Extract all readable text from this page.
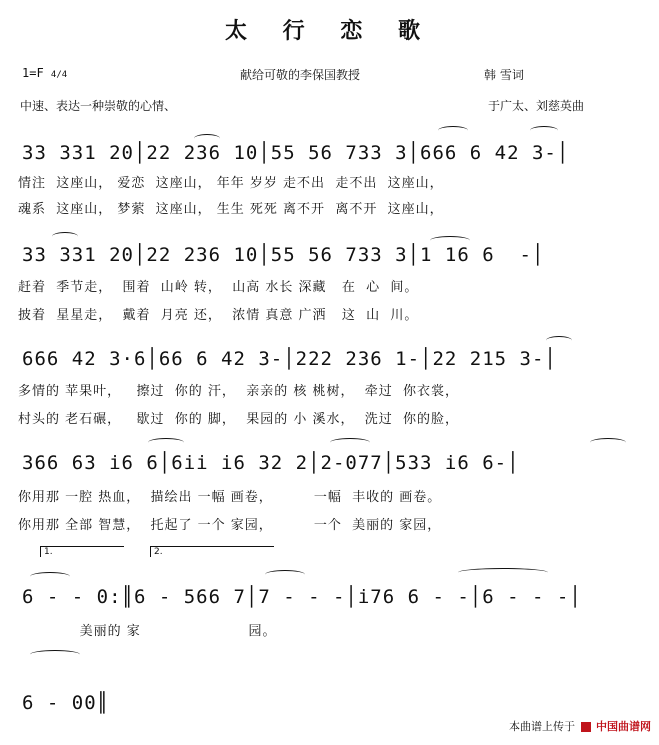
太 行 恋 歌
1=F 4/4	献给可敬的李保国教授	韩 雪词
中速、表达一种崇敬的心情、	于广太、刘慈英曲
33 331 20│22 236 10│55 56 733 3│666 6 42 3-│
情注  这座山， 爱恋  这座山， 年年 岁岁 走不出  走不出  这座山，
魂系  这座山， 梦萦  这座山， 生生 死死 离不开  离不开  这座山，
33 331 20│22 236 10│55 56 733 3│1 16 6  -│
赶着  季节走，  围着  山岭 转，  山高 水长 深藏   在  心  间。
披着  星星走，  戴着  月亮 还，  浓情 真意 广洒   这  山  川。
666 42 3·6│66 6 42 3-│222 236 1-│22 215 3-│
多情的 苹果叶，   擦过  你的 汗，  亲亲的 核 桃树，  牵过  你衣裳，
村头的 老石碾，   歇过  你的 脚，  果园的 小 溪水，  洗过  你的脸，
366 63 i6 6│6ii i6 32 2│2-077│533 i6 6-│
你用那 一腔 热血，  描绘出 一幅 画卷，        一幅  丰收的 画卷。
你用那 全部 智慧，  托起了 一个 家园，        一个  美丽的 家园，
1.	2.
6 - - 0:║6 - 566 7│7 - - -│i76 6 - -│6 - - -│
美丽的 家                     园。
6 - 00║
本曲谱上传于 中国曲谱网
